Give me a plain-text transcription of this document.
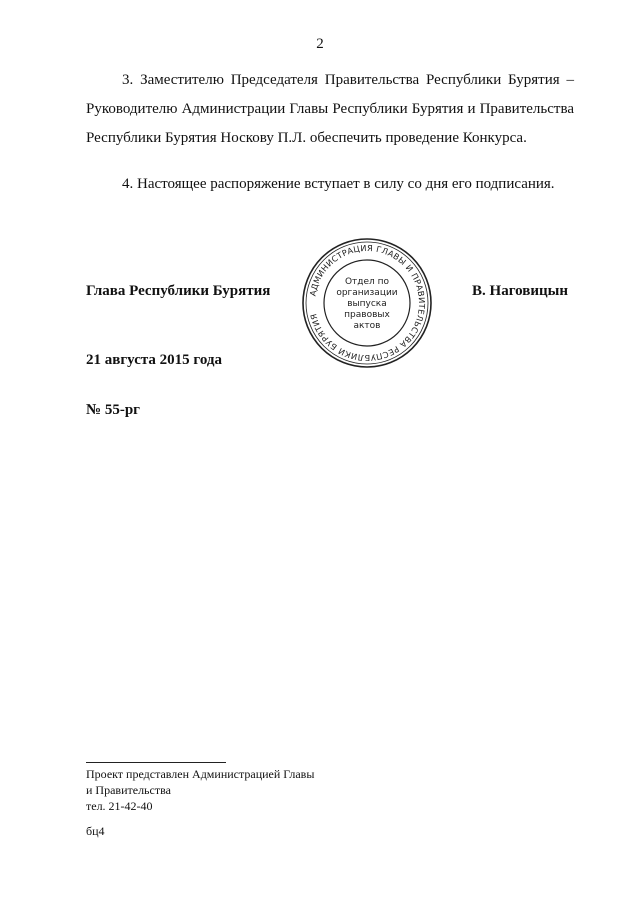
2

3. Заместителю Председателя Правительства Республики Бурятия – Руководителю Администрации Главы Республики Бурятия и Правительства Республики Бурятия Носкову П.Л. обеспечить проведение Конкурса.

4. Настоящее распоряжение вступает в силу со дня его подписания.

Глава Республики Бурятия	В. Наговицын
АДМИНИСТРАЦИЯ ГЛАВЫ И ПРАВИТЕЛЬСТВА РЕСПУБЛИКИ БУРЯТИЯ
Отдел по
организации
выпуска
правовых
актов
21 августа 2015 года
№ 55-рг
Проект представлен Администрацией Главы
и Правительства
тел. 21-42-40
бц4
